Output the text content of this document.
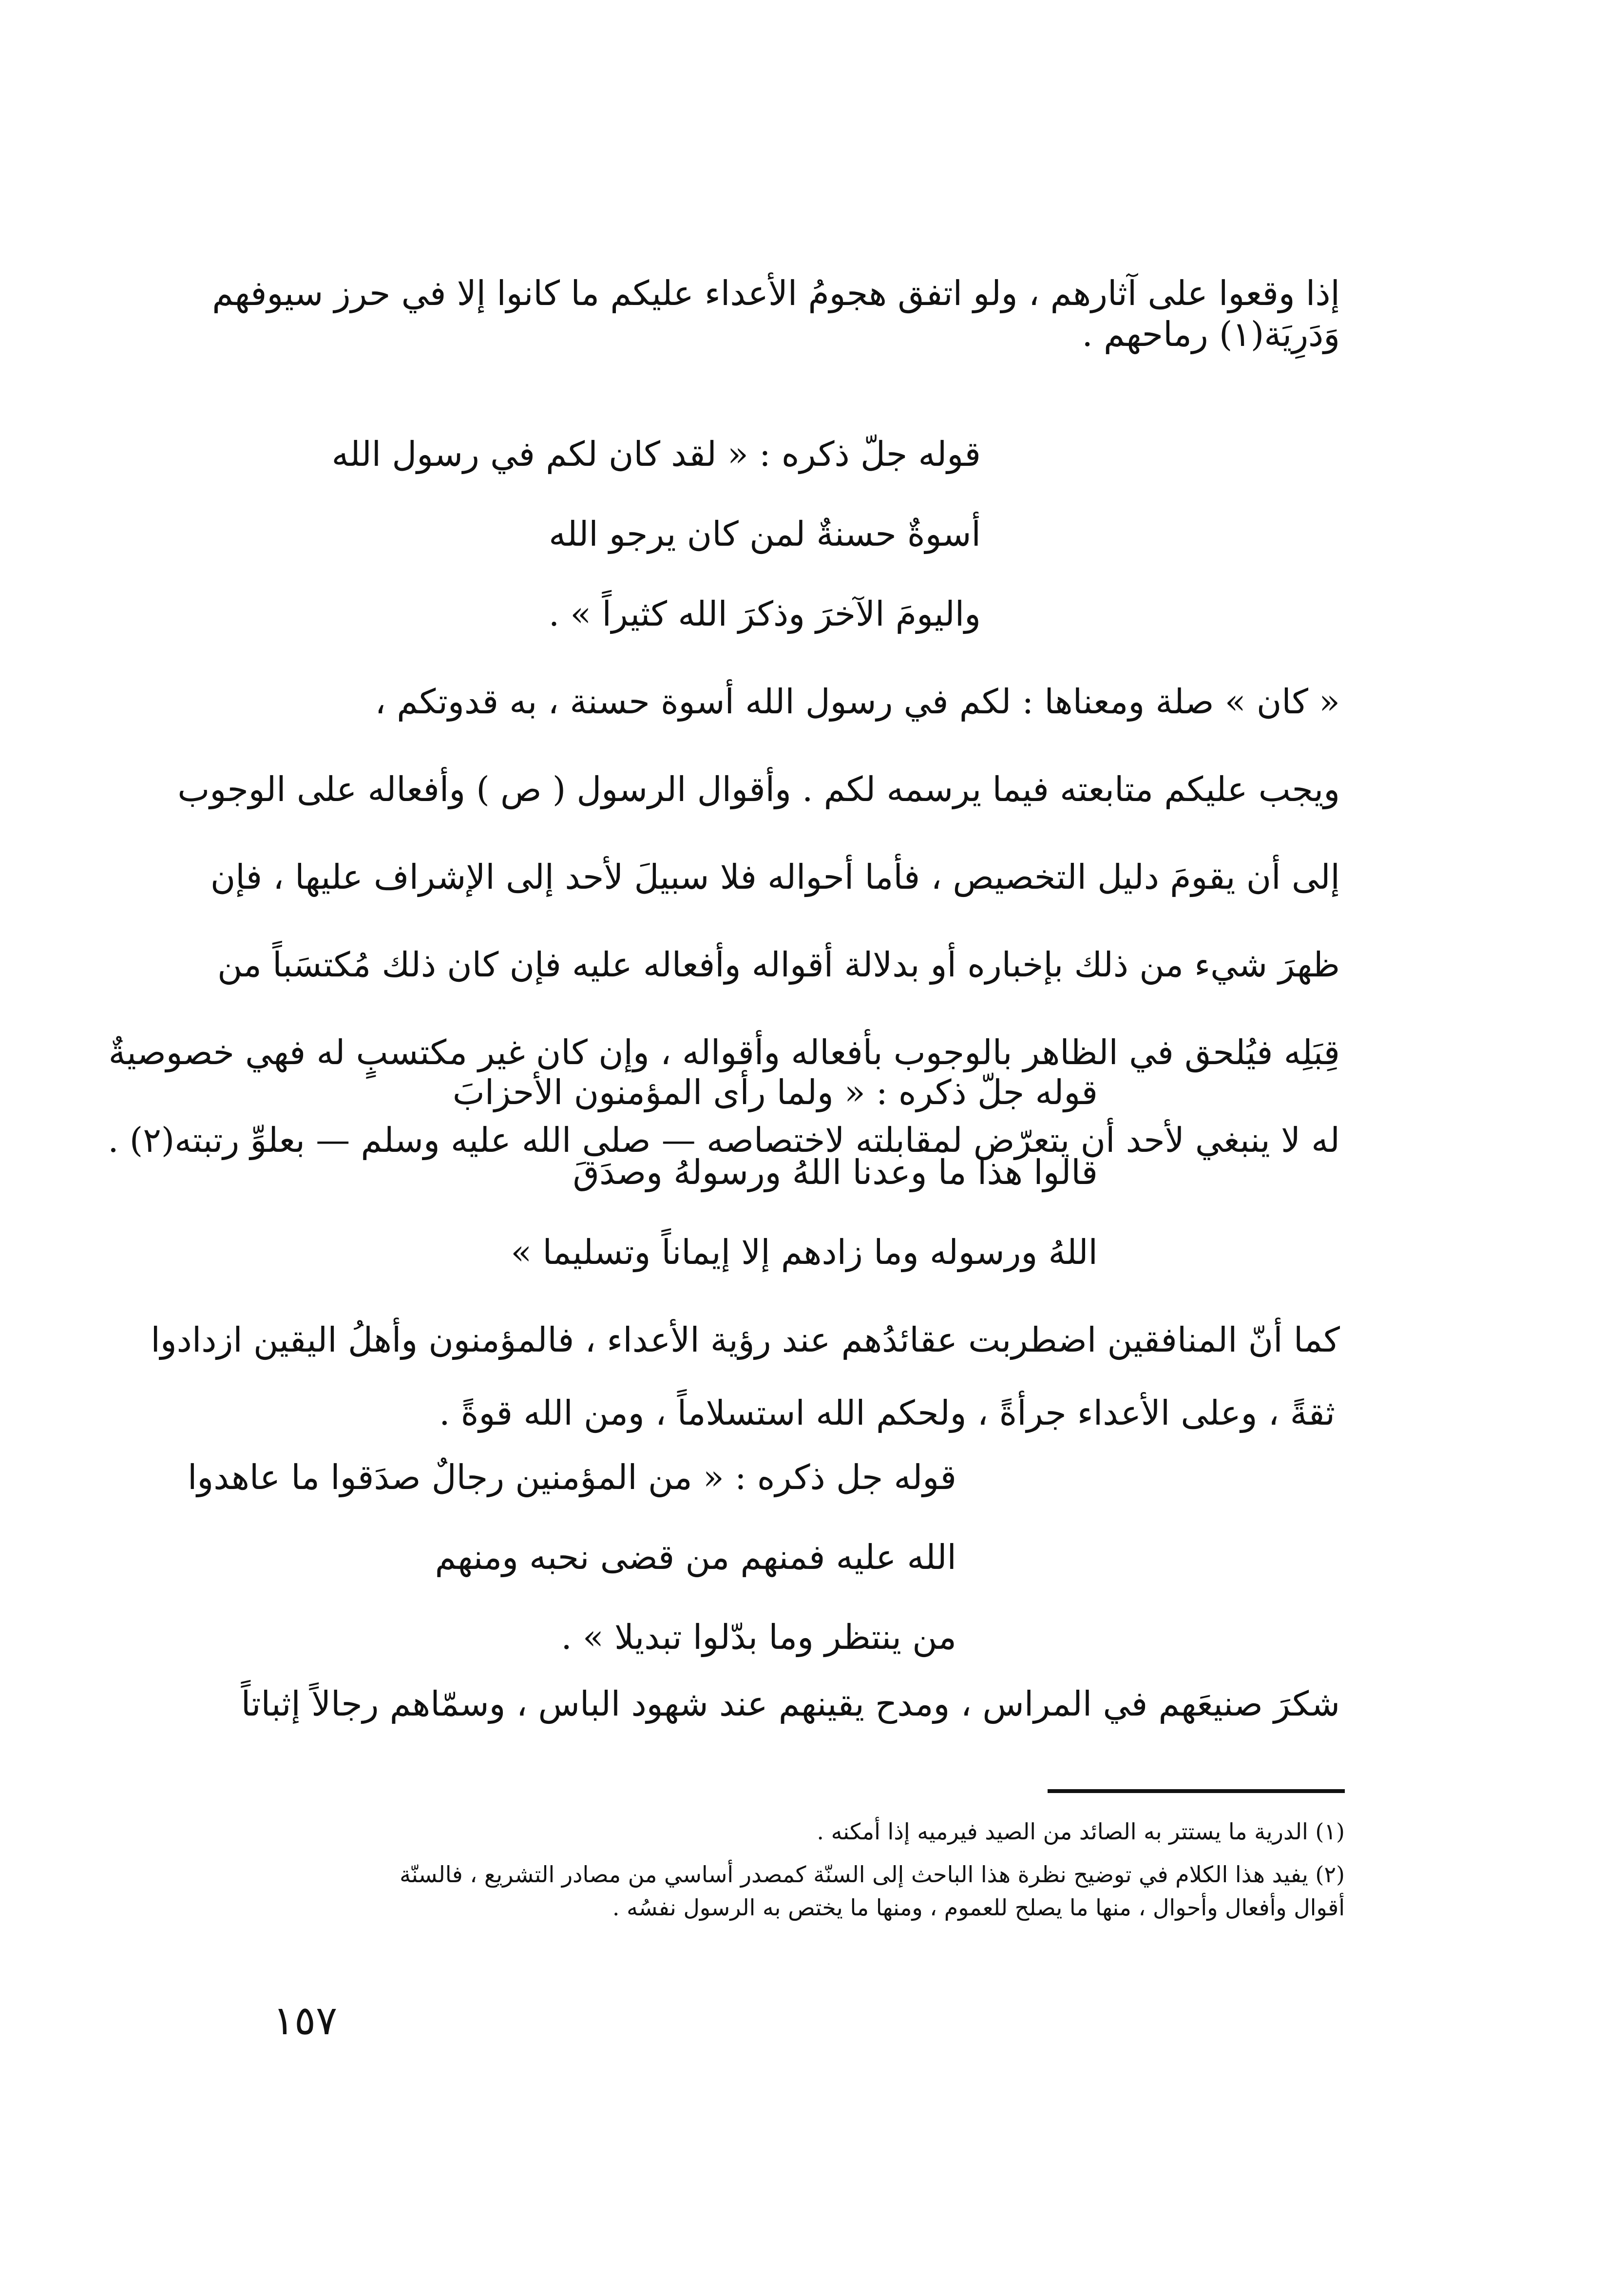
إذا وقعوا على آثارهم ، ولو اتفق هجومُ الأعداء عليكم ما كانوا إلا في حرز سيوفهم
وَدَرِيَة(١) رماحهم .
قوله جلّ ذكره : « لقد كان لكم في رسول الله
أسوةٌ حسنةٌ لمن كان يرجو الله
واليومَ الآخرَ وذكرَ الله كثيراً » .
« كان » صلة ومعناها : لكم في رسول الله أسوة حسنة ، به قدوتكم ،
ويجب عليكم متابعته فيما يرسمه لكم . وأقوال الرسول ( ص ) وأفعاله على الوجوب
إلى أن يقومَ دليل التخصيص ، فأما أحواله فلا سبيلَ لأحد إلى الإشراف عليها ، فإن
ظهرَ شيء من ذلك بإخباره أو بدلالة أقواله وأفعاله عليه فإن كان ذلك مُكتسَباً من
قِبَلِه فيُلحق في الظاهر بالوجوب بأفعاله وأقواله ، وإن كان غير مكتسبٍ له فهي خصوصيةٌ
له لا ينبغي لأحد أن يتعرّض لمقابلته لاختصاصه — صلى الله عليه وسلم — بعلوِّ رتبته(٢) .
قوله جلّ ذكره : « ولما رأى المؤمنون الأحزابَ
قالوا هذا ما وعدنا اللهُ ورسولهُ وصدَقَ
اللهُ ورسوله وما زادهم إلا إيماناً وتسليما »
كما أنّ المنافقين اضطربت عقائدُهم عند رؤية الأعداء ، فالمؤمنون وأهلُ اليقين ازدادوا
ثقةً ، وعلى الأعداء جرأةً ، ولحكم الله استسلاماً ، ومن الله قوةً .
قوله جل ذكره : « من المؤمنين رجالٌ صدَقوا ما عاهدوا
الله عليه فمنهم من قضى نحبه ومنهم
من ينتظر وما بدّلوا تبديلا » .
شكرَ صنيعَهم في المراس ، ومدح يقينهم عند شهود الباس ، وسمّاهم رجالاً إثباتاً
(١) الدرية ما يستتر به الصائد من الصيد فيرميه إذا أمكنه .
(٢) يفيد هذا الكلام في توضيح نظرة هذا الباحث إلى السنّة كمصدر أساسي من مصادر التشريع ، فالسنّة
أقوال وأفعال وأحوال ، منها ما يصلح للعموم ، ومنها ما يختص به الرسول نفسُه .
١٥٧
